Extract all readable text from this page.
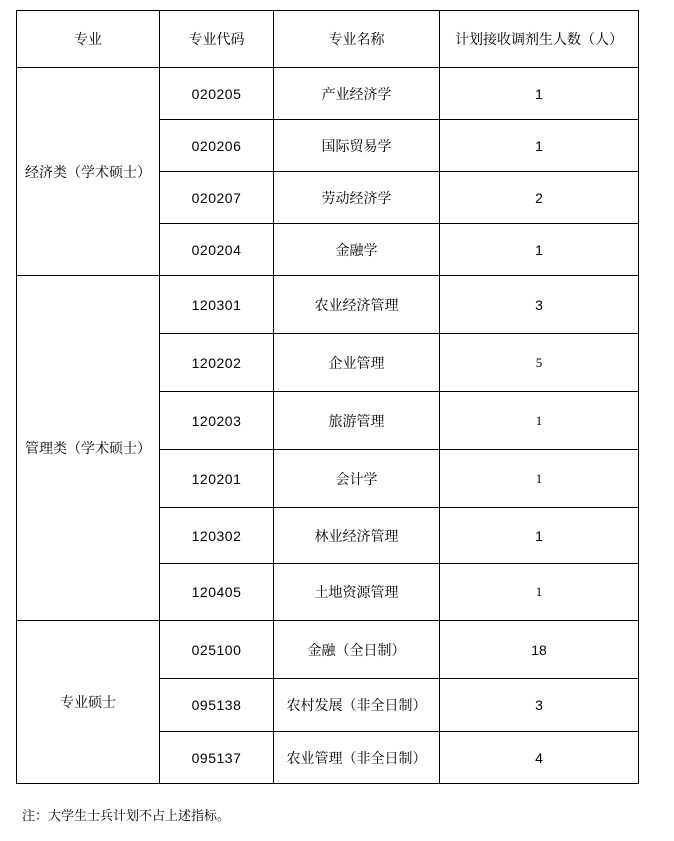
专业	专业代码	专业名称	计划接收调剂生人数（人）
经济类（学术硕士）	020205	产业经济学	1
	020206	国际贸易学	1
	020207	劳动经济学	2
	020204	金融学	1
管理类（学术硕士）	120301	农业经济管理	3
	120202	企业管理	5
	120203	旅游管理	1
	120201	会计学	1
	120302	林业经济管理	1
	120405	土地资源管理	1
专业硕士	025100	金融（全日制）	18
	095138	农村发展（非全日制）	3
	095137	农业管理（非全日制）	4
注：大学生士兵计划不占上述指标。
